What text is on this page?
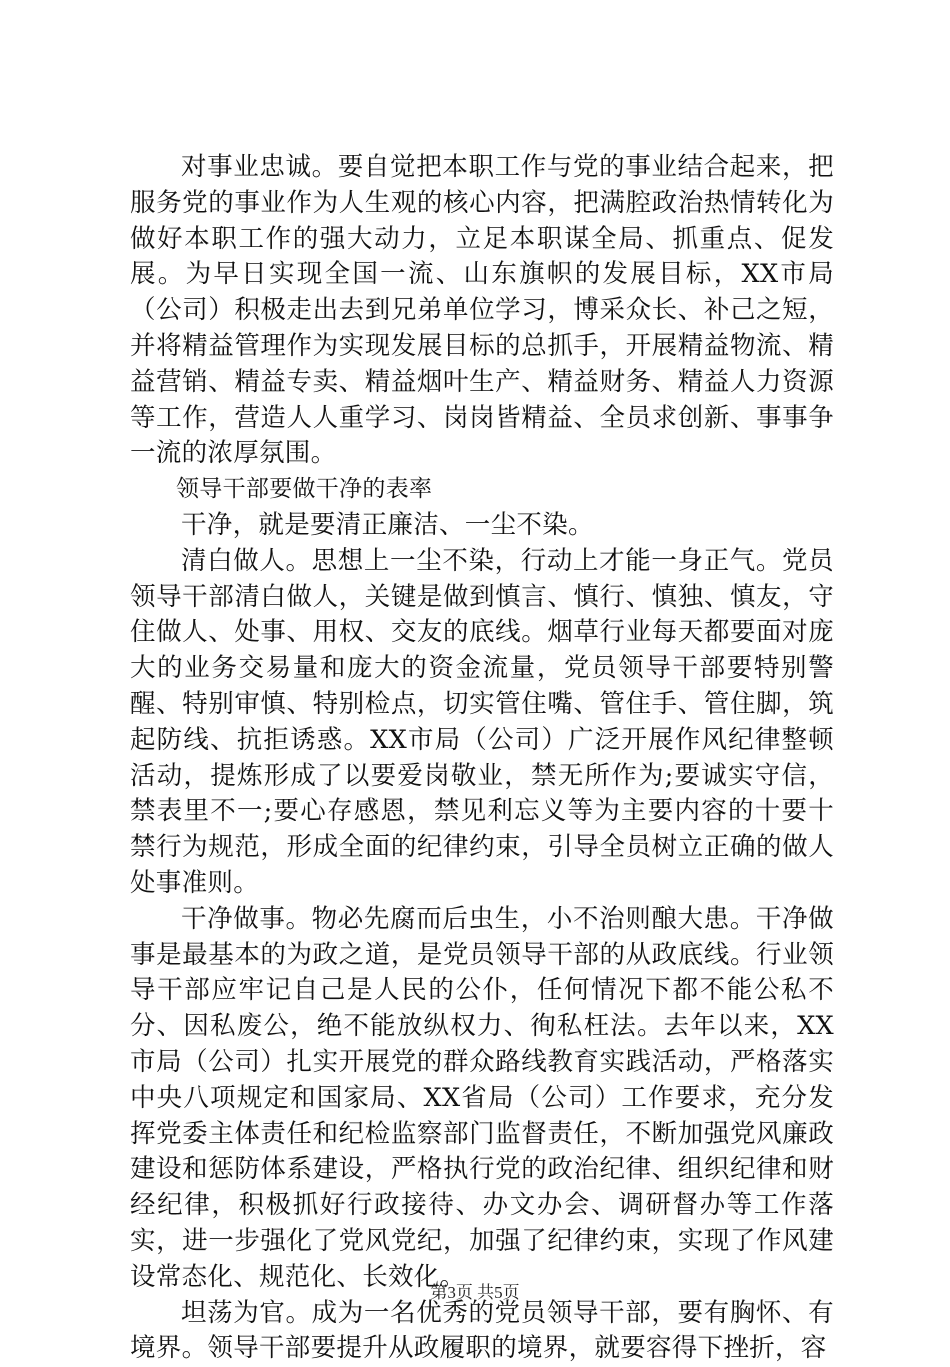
对事业忠诚。要自觉把本职工作与党的事业结合起来，把服务党的事业作为人生观的核心内容，把满腔政治热情转化为做好本职工作的强大动力，立足本职谋全局、抓重点、促发展。为早日实现全国一流、山东旗帜的发展目标，XX市局（公司）积极走出去到兄弟单位学习，博采众长、补己之短，并将精益管理作为实现发展目标的总抓手，开展精益物流、精益营销、精益专卖、精益烟叶生产、精益财务、精益人力资源等工作，营造人人重学习、岗岗皆精益、全员求创新、事事争一流的浓厚氛围。

领导干部要做干净的表率

干净，就是要清正廉洁、一尘不染。

清白做人。思想上一尘不染，行动上才能一身正气。党员领导干部清白做人，关键是做到慎言、慎行、慎独、慎友，守住做人、处事、用权、交友的底线。烟草行业每天都要面对庞大的业务交易量和庞大的资金流量，党员领导干部要特别警醒、特别审慎、特别检点，切实管住嘴、管住手、管住脚，筑起防线、抗拒诱惑。XX市局（公司）广泛开展作风纪律整顿活动，提炼形成了以要爱岗敬业，禁无所作为;要诚实守信，禁表里不一;要心存感恩，禁见利忘义等为主要内容的十要十禁行为规范，形成全面的纪律约束，引导全员树立正确的做人处事准则。

干净做事。物必先腐而后虫生，小不治则酿大患。干净做事是最基本的为政之道，是党员领导干部的从政底线。行业领导干部应牢记自己是人民的公仆，任何情况下都不能公私不分、因私废公，绝不能放纵权力、徇私枉法。去年以来，XX市局（公司）扎实开展党的群众路线教育实践活动，严格落实中央八项规定和国家局、XX省局（公司）工作要求，充分发挥党委主体责任和纪检监察部门监督责任，不断加强党风廉政建设和惩防体系建设，严格执行党的政治纪律、组织纪律和财经纪律，积极抓好行政接待、办文办会、调研督办等工作落实，进一步强化了党风党纪，加强了纪律约束，实现了作风建设常态化、规范化、长效化。

坦荡为官。成为一名优秀的党员领导干部，要有胸怀、有境界。领导干部要提升从政履职的境界，就要容得下挫折，容

第3页 共5页
